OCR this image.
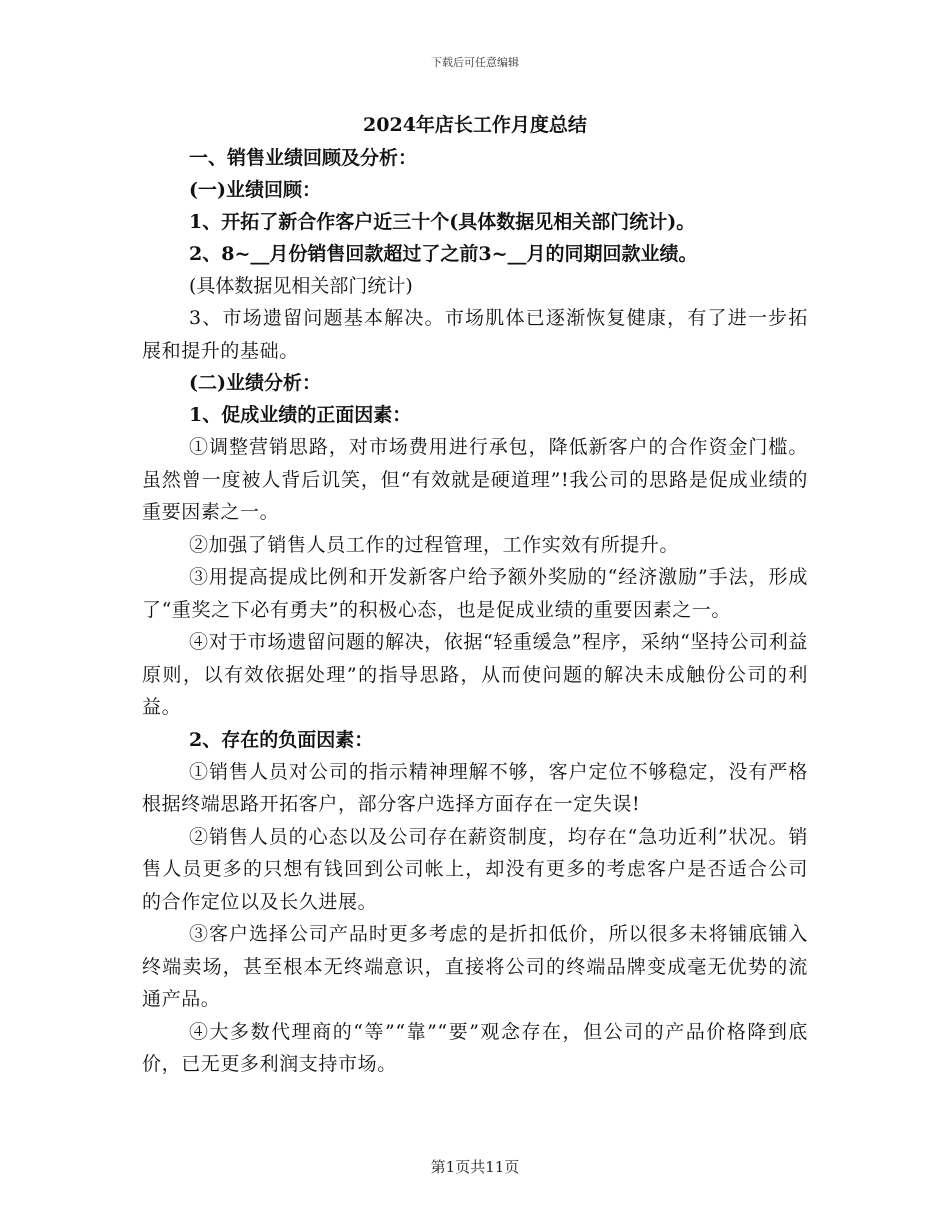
下载后可任意编辑
2024年店长工作月度总结
一、销售业绩回顾及分析：
(一)业绩回顾：
1、开拓了新合作客户近三十个(具体数据见相关部门统计)。
2、8~__月份销售回款超过了之前3~__月的同期回款业绩。
(具体数据见相关部门统计)

3、市场遗留问题基本解决。市场肌体已逐渐恢复健康，有了进一步拓展和提升的基础。

(二)业绩分析：
1、促成业绩的正面因素：

①调整营销思路，对市场费用进行承包，降低新客户的合作资金门槛。虽然曾一度被人背后讥笑，但“有效就是硬道理”!我公司的思路是促成业绩的重要因素之一。

②加强了销售人员工作的过程管理，工作实效有所提升。

③用提高提成比例和开发新客户给予额外奖励的“经济激励”手法，形成了“重奖之下必有勇夫”的积极心态，也是促成业绩的重要因素之一。

④对于市场遗留问题的解决，依据“轻重缓急”程序，采纳“坚持公司利益原则，以有效依据处理”的指导思路，从而使问题的解决未成触份公司的利益。

2、存在的负面因素：

①销售人员对公司的指示精神理解不够，客户定位不够稳定，没有严格根据终端思路开拓客户，部分客户选择方面存在一定失误!

②销售人员的心态以及公司存在薪资制度，均存在“急功近利”状况。销售人员更多的只想有钱回到公司帐上，却没有更多的考虑客户是否适合公司的合作定位以及长久进展。

③客户选择公司产品时更多考虑的是折扣低价，所以很多未将铺底铺入终端卖场，甚至根本无终端意识，直接将公司的终端品牌变成毫无优势的流通产品。

④大多数代理商的“等”“靠”“要”观念存在，但公司的产品价格降到底价，已无更多利润支持市场。

第1页共11页
